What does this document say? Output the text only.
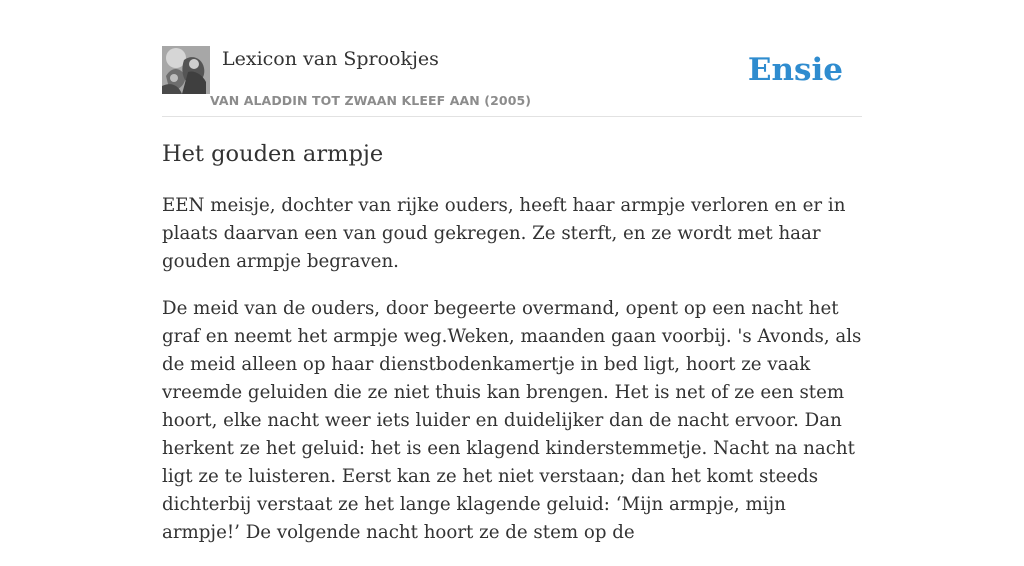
Lexicon van Sprookjes
VAN ALADDIN TOT ZWAAN KLEEF AAN (2005)
Ensie
Het gouden armpje

EEN meisje, dochter van rijke ouders, heeft haar armpje verloren en er in plaats daarvan een van goud gekregen. Ze sterft, en ze wordt met haar gouden armpje begraven.

De meid van de ouders, door begeerte overmand, opent op een nacht het graf en neemt het armpje weg.Weken, maanden gaan voorbij. 's Avonds, als de meid alleen op haar dienstbodenkamertje in bed ligt, hoort ze vaak vreemde geluiden die ze niet thuis kan brengen. Het is net of ze een stem hoort, elke nacht weer iets luider en duidelijker dan de nacht ervoor. Dan herkent ze het geluid: het is een klagend kinderstemmetje. Nacht na nacht ligt ze te luisteren. Eerst kan ze het niet verstaan; dan het komt steeds dichterbij verstaat ze het lange klagende geluid: ‘Mijn armpje, mijn armpje!’ De volgende nacht hoort ze de stem op de
